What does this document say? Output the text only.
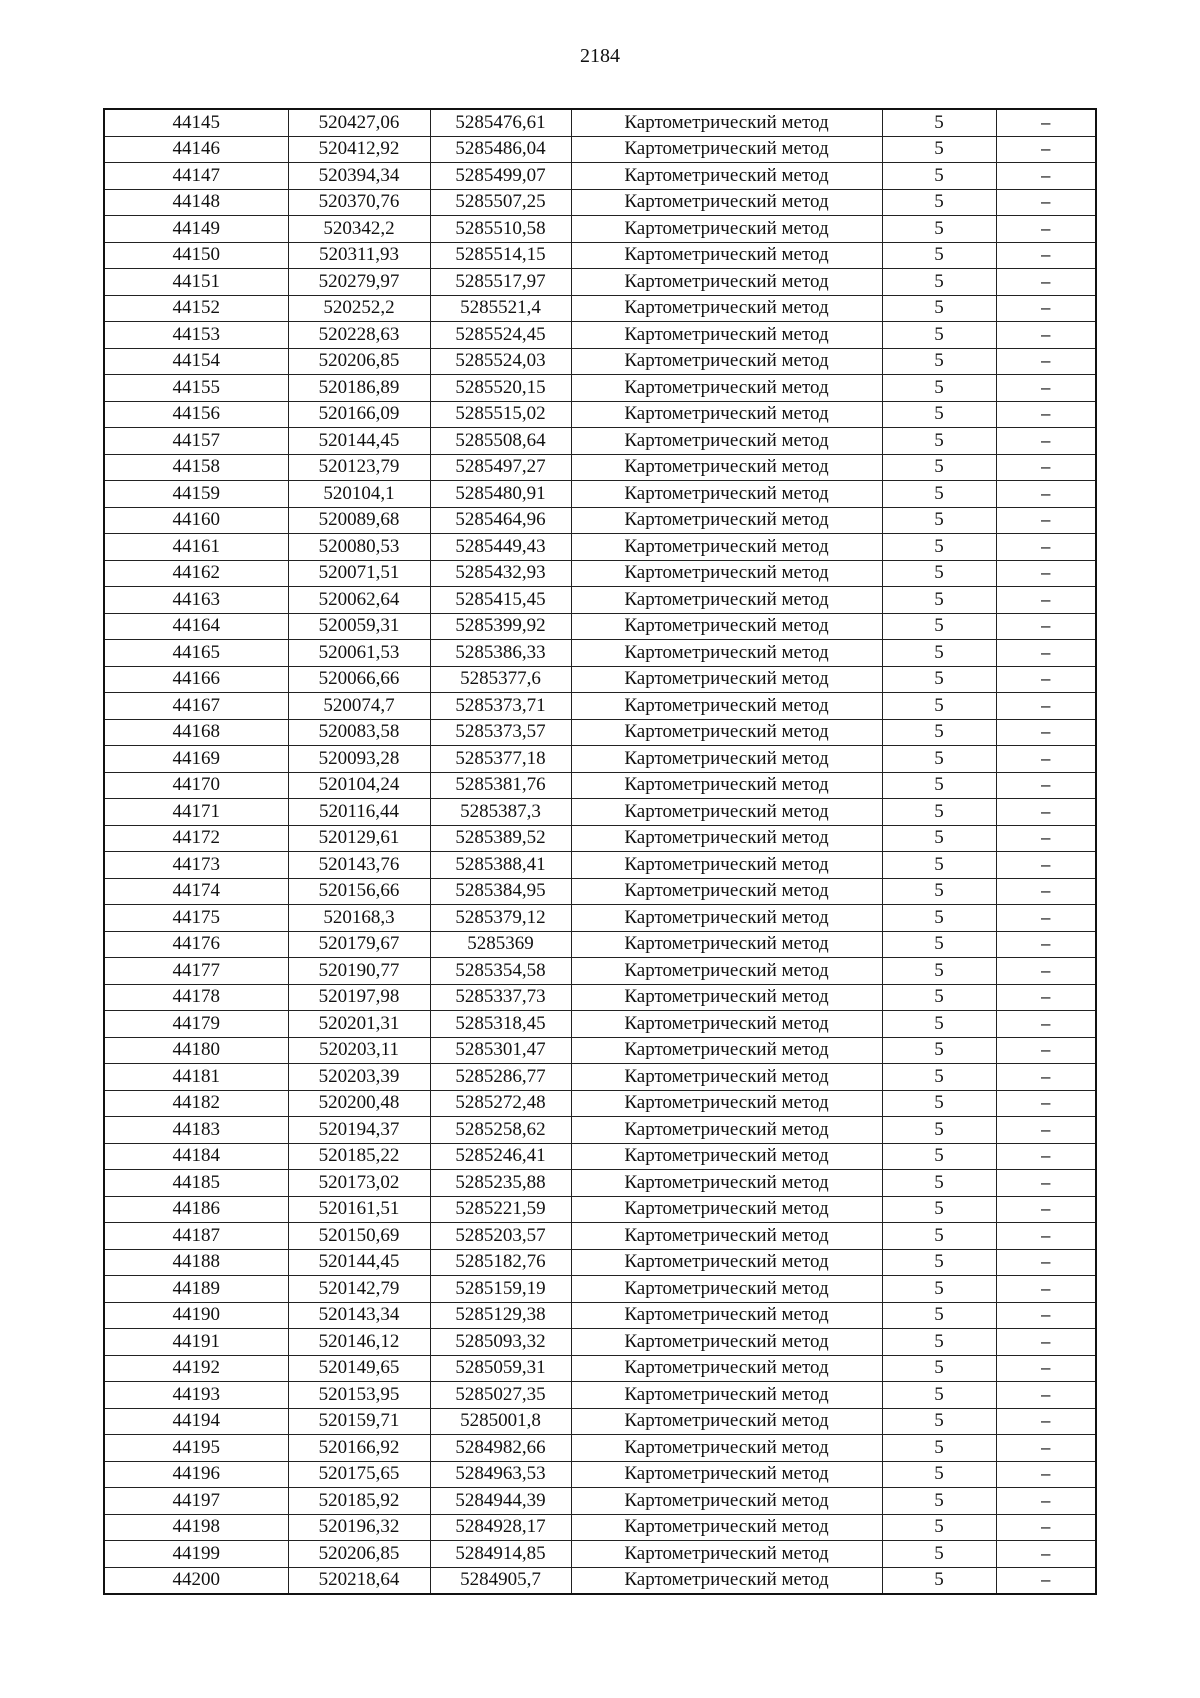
2184
44145	520427,06	5285476,61	Картометрический метод	5	–
44146	520412,92	5285486,04	Картометрический метод	5	–
44147	520394,34	5285499,07	Картометрический метод	5	–
44148	520370,76	5285507,25	Картометрический метод	5	–
44149	520342,2	5285510,58	Картометрический метод	5	–
44150	520311,93	5285514,15	Картометрический метод	5	–
44151	520279,97	5285517,97	Картометрический метод	5	–
44152	520252,2	5285521,4	Картометрический метод	5	–
44153	520228,63	5285524,45	Картометрический метод	5	–
44154	520206,85	5285524,03	Картометрический метод	5	–
44155	520186,89	5285520,15	Картометрический метод	5	–
44156	520166,09	5285515,02	Картометрический метод	5	–
44157	520144,45	5285508,64	Картометрический метод	5	–
44158	520123,79	5285497,27	Картометрический метод	5	–
44159	520104,1	5285480,91	Картометрический метод	5	–
44160	520089,68	5285464,96	Картометрический метод	5	–
44161	520080,53	5285449,43	Картометрический метод	5	–
44162	520071,51	5285432,93	Картометрический метод	5	–
44163	520062,64	5285415,45	Картометрический метод	5	–
44164	520059,31	5285399,92	Картометрический метод	5	–
44165	520061,53	5285386,33	Картометрический метод	5	–
44166	520066,66	5285377,6	Картометрический метод	5	–
44167	520074,7	5285373,71	Картометрический метод	5	–
44168	520083,58	5285373,57	Картометрический метод	5	–
44169	520093,28	5285377,18	Картометрический метод	5	–
44170	520104,24	5285381,76	Картометрический метод	5	–
44171	520116,44	5285387,3	Картометрический метод	5	–
44172	520129,61	5285389,52	Картометрический метод	5	–
44173	520143,76	5285388,41	Картометрический метод	5	–
44174	520156,66	5285384,95	Картометрический метод	5	–
44175	520168,3	5285379,12	Картометрический метод	5	–
44176	520179,67	5285369	Картометрический метод	5	–
44177	520190,77	5285354,58	Картометрический метод	5	–
44178	520197,98	5285337,73	Картометрический метод	5	–
44179	520201,31	5285318,45	Картометрический метод	5	–
44180	520203,11	5285301,47	Картометрический метод	5	–
44181	520203,39	5285286,77	Картометрический метод	5	–
44182	520200,48	5285272,48	Картометрический метод	5	–
44183	520194,37	5285258,62	Картометрический метод	5	–
44184	520185,22	5285246,41	Картометрический метод	5	–
44185	520173,02	5285235,88	Картометрический метод	5	–
44186	520161,51	5285221,59	Картометрический метод	5	–
44187	520150,69	5285203,57	Картометрический метод	5	–
44188	520144,45	5285182,76	Картометрический метод	5	–
44189	520142,79	5285159,19	Картометрический метод	5	–
44190	520143,34	5285129,38	Картометрический метод	5	–
44191	520146,12	5285093,32	Картометрический метод	5	–
44192	520149,65	5285059,31	Картометрический метод	5	–
44193	520153,95	5285027,35	Картометрический метод	5	–
44194	520159,71	5285001,8	Картометрический метод	5	–
44195	520166,92	5284982,66	Картометрический метод	5	–
44196	520175,65	5284963,53	Картометрический метод	5	–
44197	520185,92	5284944,39	Картометрический метод	5	–
44198	520196,32	5284928,17	Картометрический метод	5	–
44199	520206,85	5284914,85	Картометрический метод	5	–
44200	520218,64	5284905,7	Картометрический метод	5	–
